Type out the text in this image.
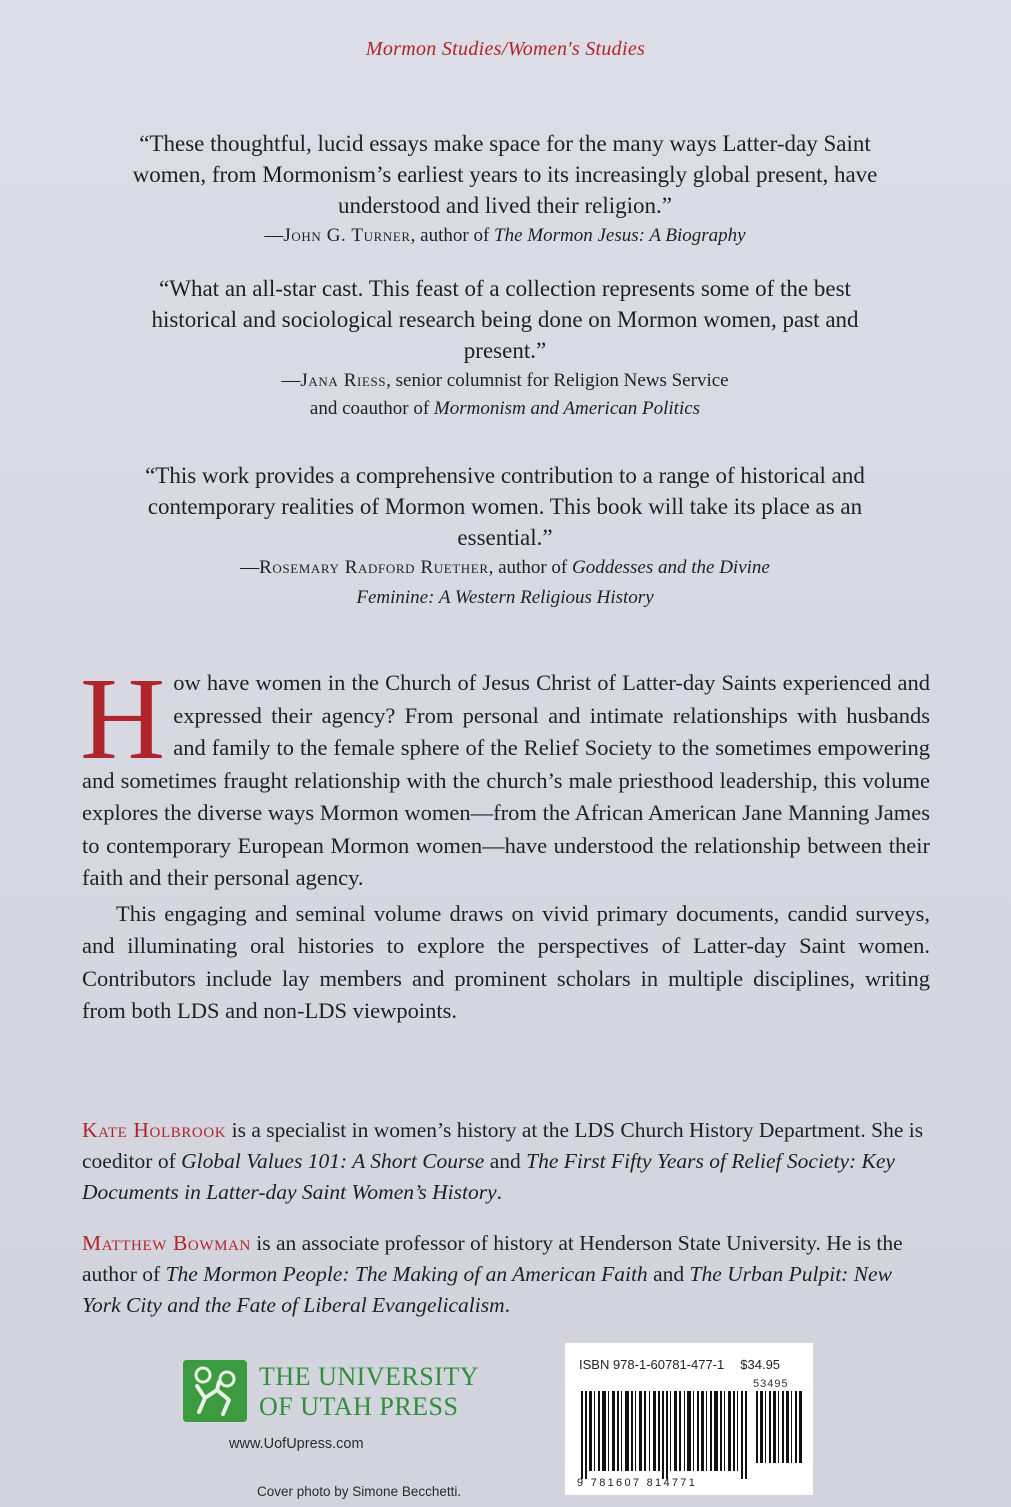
Mormon Studies/Women's Studies
“These thoughtful, lucid essays make space for the many ways Latter-day Saint women, from Mormonism’s earliest years to its increasingly global present, have understood and lived their religion.”
—John G. Turner, author of The Mormon Jesus: A Biography
“What an all-star cast. This feast of a collection represents some of the best historical and sociological research being done on Mormon women, past and present.”
—Jana Riess, senior columnist for Religion News Service
and coauthor of Mormonism and American Politics
“This work provides a comprehensive contribution to a range of historical and contemporary realities of Mormon women. This book will take its place as an essential.”
—Rosemary Radford Ruether, author of Goddesses and the Divine Feminine: A Western Religious History

How have women in the Church of Jesus Christ of Latter-day Saints experienced and expressed their agency? From personal and intimate relationships with husbands and family to the female sphere of the Relief Society to the sometimes empowering and sometimes fraught relationship with the church’s male priesthood leadership, this volume explores the diverse ways Mormon women—from the African American Jane Manning James to contemporary European Mormon women—have understood the relationship between their faith and their personal agency.

This engaging and seminal volume draws on vivid primary documents, candid surveys, and illuminating oral histories to explore the perspectives of Latter-day Saint women. Contributors include lay members and prominent scholars in multiple disciplines, writing from both LDS and non-LDS viewpoints.

Kate Holbrook is a specialist in women’s history at the LDS Church History Department. She is coeditor of Global Values 101: A Short Course and The First Fifty Years of Relief Society: Key Documents in Latter-day Saint Women’s History.
Matthew Bowman is an associate professor of history at Henderson State University. He is the author of The Mormon People: The Making of an American Faith and The Urban Pulpit: New York City and the Fate of Liberal Evangelicalism.
THE UNIVERSITY
OF UTAH PRESS
www.UofUpress.com
Cover photo by Simone Becchetti.
ISBN 978-1-60781-477-1 $34.95
53495
9 781607 814771
